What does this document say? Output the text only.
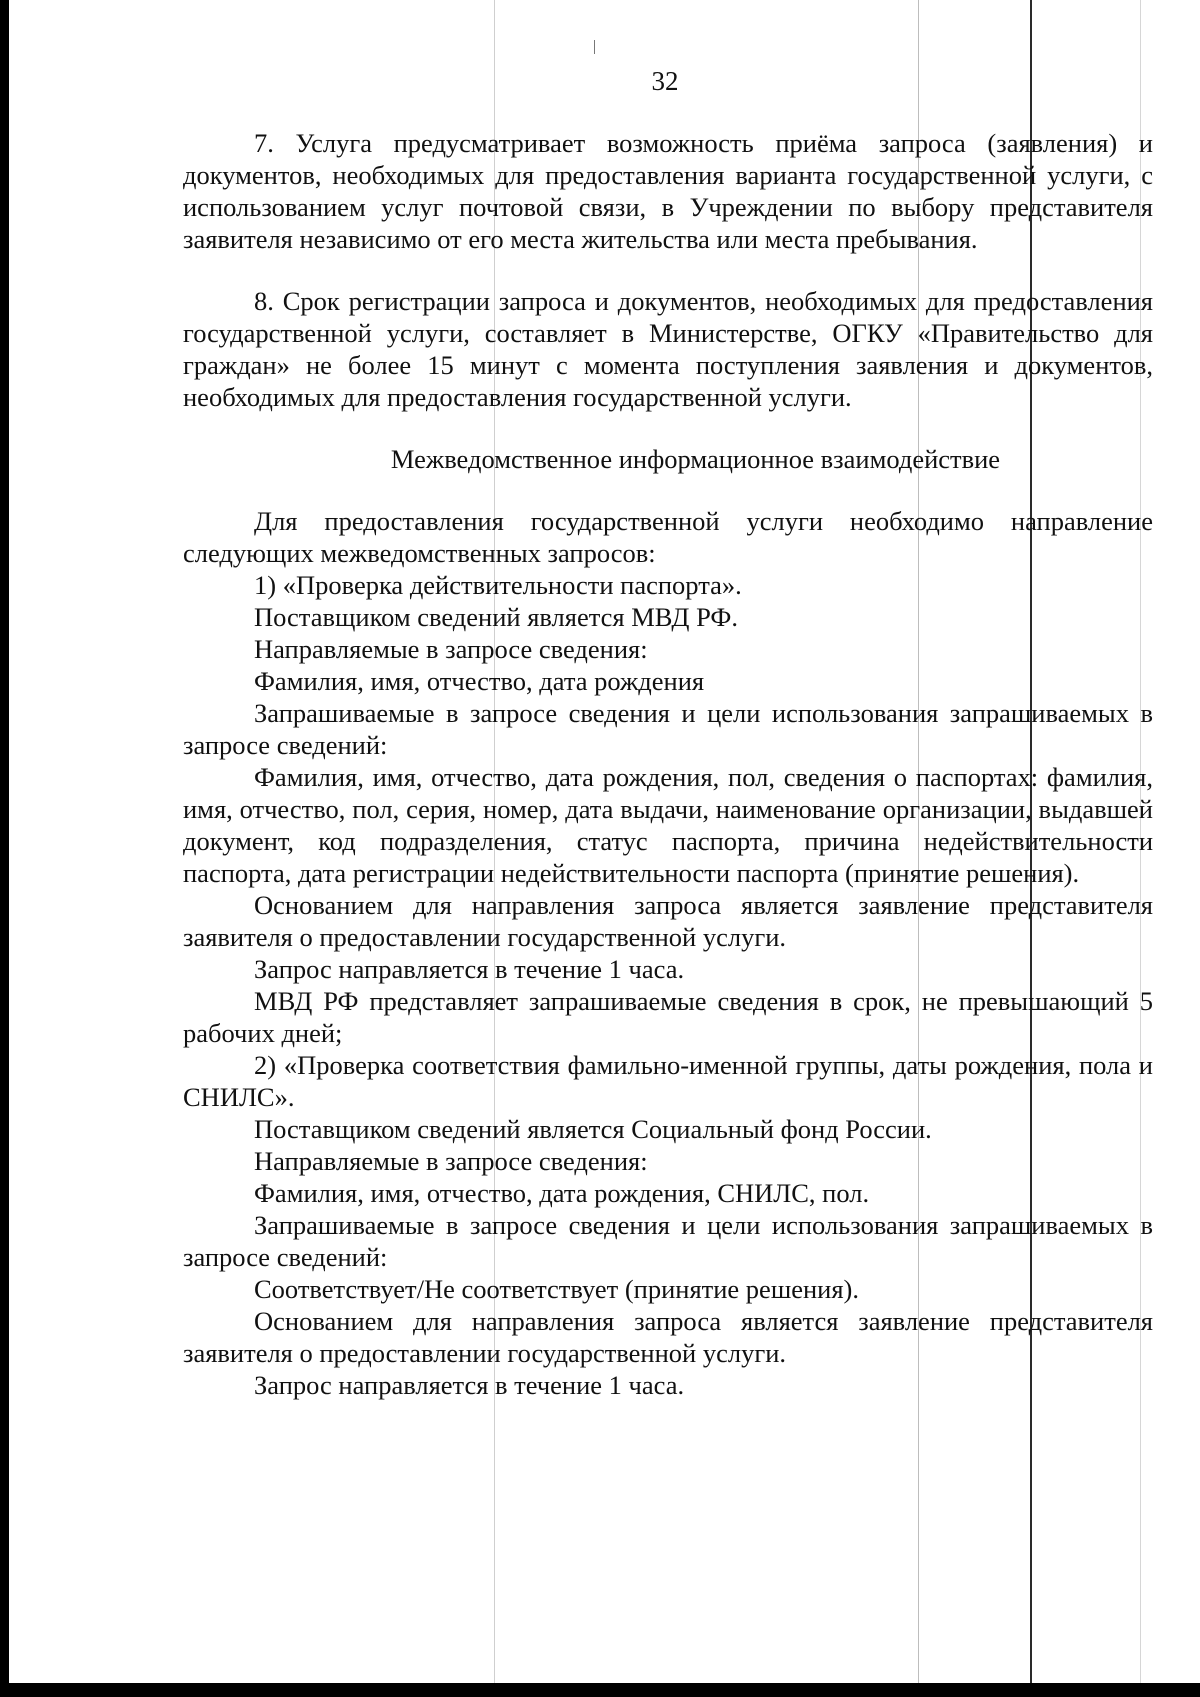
32

7. Услуга предусматривает возможность приёма запроса (заявления) и документов, необходимых для предоставления варианта государственной услуги, с использованием услуг почтовой связи, в Учреждении по выбору представителя заявителя независимо от его места жительства или места пребывания.

8. Срок регистрации запроса и документов, необходимых для предоставления государственной услуги, составляет в Министерстве, ОГКУ «Правительство для граждан» не более 15 минут с момента поступления заявления и документов, необходимых для предоставления государственной услуги.

Межведомственное информационное взаимодействие

Для предоставления государственной услуги необходимо направление следующих межведомственных запросов:

1) «Проверка действительности паспорта».

Поставщиком сведений является МВД РФ.

Направляемые в запросе сведения:

Фамилия, имя, отчество, дата рождения

Запрашиваемые в запросе сведения и цели использования запрашиваемых в запросе сведений:

Фамилия, имя, отчество, дата рождения, пол, сведения о паспортах: фамилия, имя, отчество, пол, серия, номер, дата выдачи, наименование организации, выдавшей документ, код подразделения, статус паспорта, причина недействительности паспорта, дата регистрации недействительности паспорта (принятие решения).

Основанием для направления запроса является заявление представителя заявителя о предоставлении государственной услуги.

Запрос направляется в течение 1 часа.

МВД РФ представляет запрашиваемые сведения в срок, не превышающий 5 рабочих дней;

2) «Проверка соответствия фамильно-именной группы, даты рождения, пола и СНИЛС».

Поставщиком сведений является Социальный фонд России.

Направляемые в запросе сведения:

Фамилия, имя, отчество, дата рождения, СНИЛС, пол.

Запрашиваемые в запросе сведения и цели использования запрашиваемых в запросе сведений:

Соответствует/Не соответствует (принятие решения).

Основанием для направления запроса является заявление представителя заявителя о предоставлении государственной услуги.

Запрос направляется в течение 1 часа.
